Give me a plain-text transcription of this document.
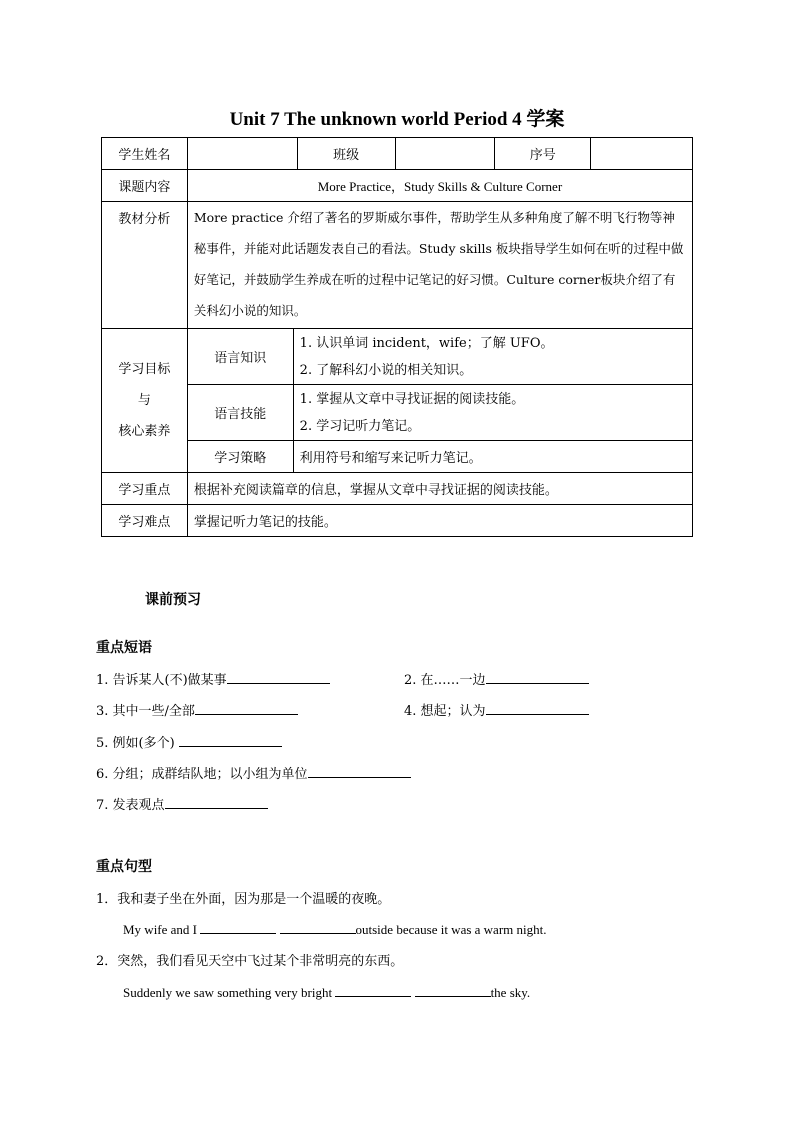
Unit 7 The unknown world Period 4 学案
学生姓名			班级		序号	
课题内容	More Practice，Study Skills & Culture Corner					
教材分析	More practice 介绍了著名的罗斯威尔事件，帮助学生从多种角度了解不明飞行物等神秘事件，并能对此话题发表自己的看法。Study skills 板块指导学生如何在听的过程中做好笔记，并鼓励学生养成在听的过程中记笔记的好习惯。Culture corner板块介绍了有关科幻小说的知识。					

学习目标
与
核心素养	语言知识	1. 认识单词 incident，wife；了解 UFO。
2. 了解科幻小说的相关知识。				

	语言技能	1. 掌握从文章中寻找证据的阅读技能。
2. 学习记听力笔记。				

	学习策略	利用符号和缩写来记听力笔记。				
学习重点	根据补充阅读篇章的信息，掌握从文章中寻找证据的阅读技能。					
学习难点	掌握记听力笔记的技能。					
课前预习
重点短语
1. 告诉某人(不)做某事	2. 在……一边
3. 其中一些/全部	4. 想起；认为
5. 例如(多个)
6. 分组；成群结队地；以小组为单位
7. 发表观点
重点句型
1．我和妻子坐在外面，因为那是一个温暖的夜晚。
My wife and I	outside because it was a warm night.
2．突然，我们看见天空中飞过某个非常明亮的东西。
Suddenly we saw something very bright	the sky.
